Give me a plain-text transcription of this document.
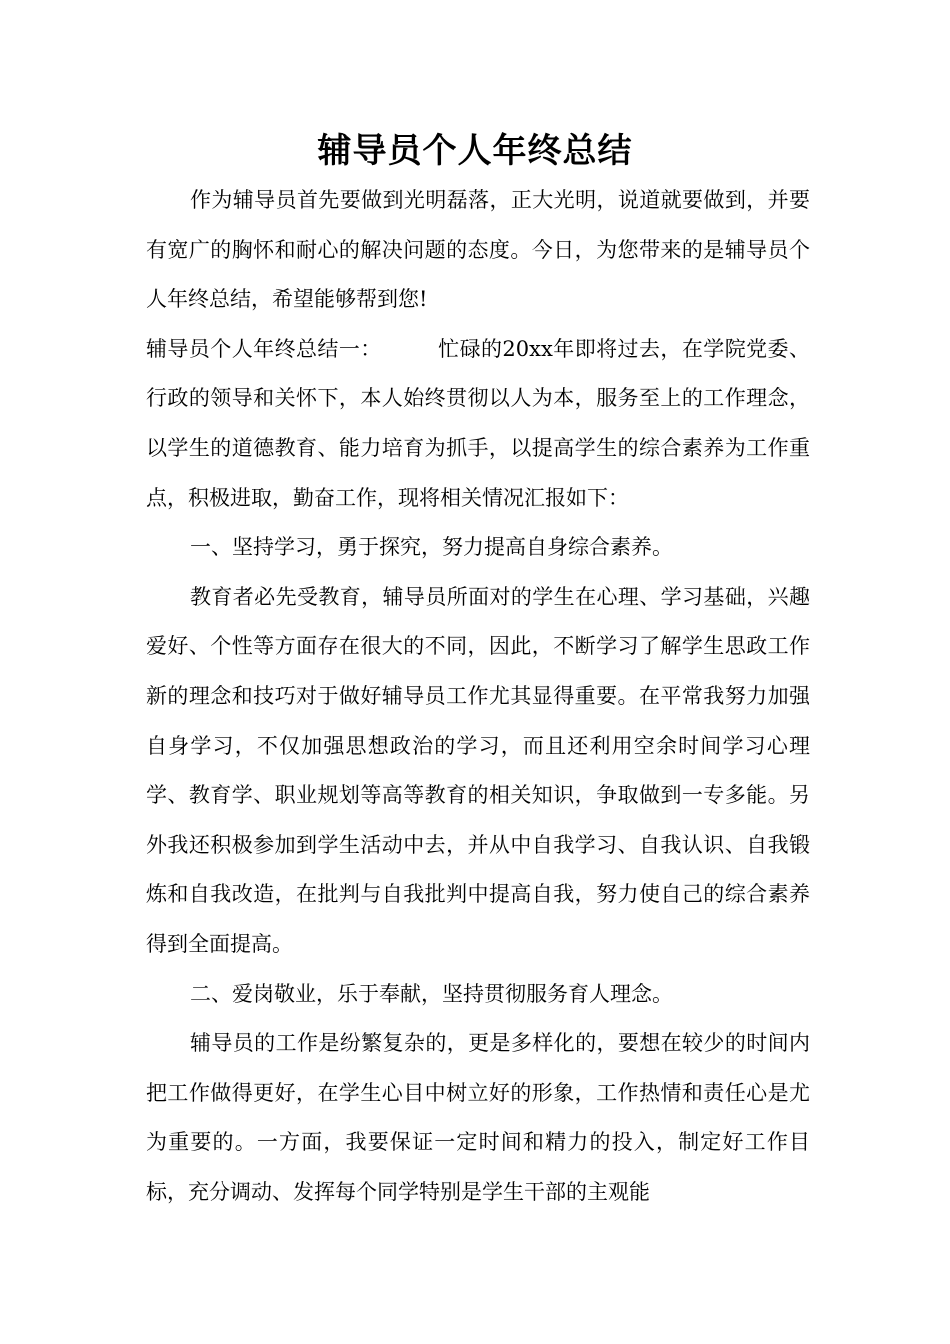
辅导员个人年终总结

作为辅导员首先要做到光明磊落，正大光明，说道就要做到，并要有宽广的胸怀和耐心的解决问题的态度。今日，为您带来的是辅导员个人年终总结，希望能够帮到您!

辅导员个人年终总结一：	忙碌的20xx年即将过去，在学院党委、行政的领导和关怀下，本人始终贯彻以人为本，服务至上的工作理念，以学生的道德教育、能力培育为抓手，以提高学生的综合素养为工作重点，积极进取，勤奋工作，现将相关情况汇报如下：

一、坚持学习，勇于探究，努力提高自身综合素养。

教育者必先受教育，辅导员所面对的学生在心理、学习基础，兴趣爱好、个性等方面存在很大的不同，因此，不断学习了解学生思政工作新的理念和技巧对于做好辅导员工作尤其显得重要。在平常我努力加强自身学习，不仅加强思想政治的学习，而且还利用空余时间学习心理学、教育学、职业规划等高等教育的相关知识，争取做到一专多能。另外我还积极参加到学生活动中去，并从中自我学习、自我认识、自我锻炼和自我改造，在批判与自我批判中提高自我，努力使自己的综合素养得到全面提高。

二、爱岗敬业，乐于奉献，坚持贯彻服务育人理念。

辅导员的工作是纷繁复杂的，更是多样化的，要想在较少的时间内把工作做得更好，在学生心目中树立好的形象，工作热情和责任心是尤为重要的。一方面，我要保证一定时间和精力的投入，制定好工作目标，充分调动、发挥每个同学特别是学生干部的主观能
